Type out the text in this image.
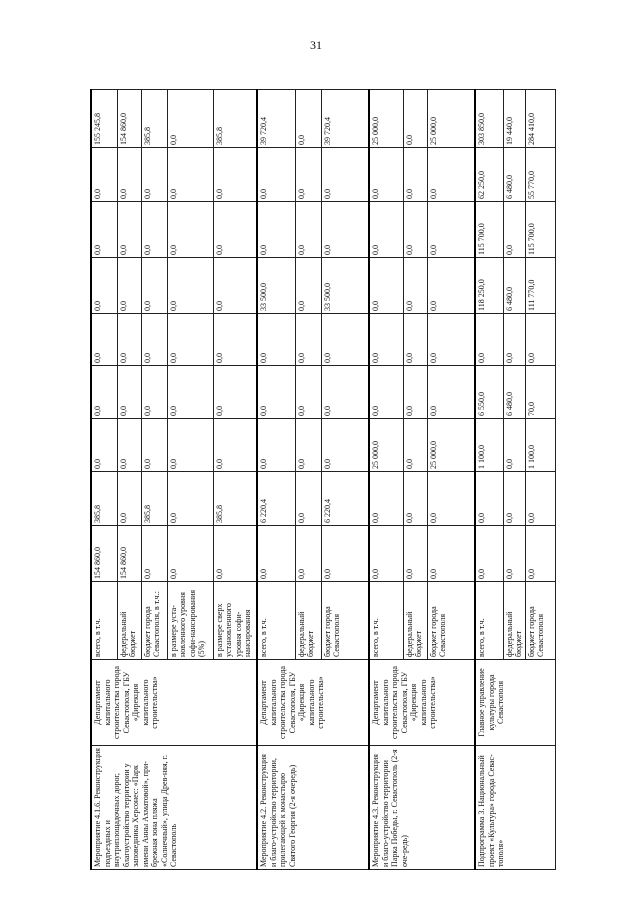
31
Мероприятие 4.1.6. Реконструкция подъездных и внутриплощадочных дорог, благоустройство территории у заповедника Херсонес: «Парк имени Анны Ахматовой», при-брежная зона пляжа «Солнечный», улица Древ-няя, г. Севастополь	Департамент капитального строительства города Севастополя, ГБУ «Дирекция капитального строительства»	всего, в т.ч.	154 860,0	385,8	0,0	0,0	0,0	0,0	0,0	0,0	155 245,8
		федеральный бюджет	154 860,0	0,0	0,0	0,0	0,0	0,0	0,0	0,0	154 860,0
		бюджет города Севастополя, в т.ч.:	0,0	385,8	0,0	0,0	0,0	0,0	0,0	0,0	385,8
		в размере уста-новленного уровня софи-нансирования (5%)	0,0	0,0	0,0	0,0	0,0	0,0	0,0	0,0	0,0
		в размере сверх установленного уровня софи-нансирования	0,0	385,8	0,0	0,0	0,0	0,0	0,0	0,0	385,8
Мероприятие 4.2. Реконструкция и благо-устройство территории, прилегающей к монастырю Святого Георгия (2-я очередь)	Департамент капитального строительства города Севастополя, ГБУ «Дирекция капитального строительства»	всего, в т.ч.	0,0	6 220,4	0,0	0,0	0,0	33 500,0	0,0	0,0	39 720,4
		федеральный бюджет	0,0	0,0	0,0	0,0	0,0	0,0	0,0	0,0	0,0
		бюджет города Севастополя	0,0	6 220,4	0,0	0,0	0,0	33 500,0	0,0	0,0	39 720,4
Мероприятие 4.3. Реконструкция и благо-устройство территории Парка Победы, г. Севастополь (2-я оче-редь)	Департамент капитального строительства города Севастополя, ГБУ «Дирекция капитального строительства»	всего, в т.ч.	0,0	0,0	25 000,0	0,0	0,0	0,0	0,0	0,0	25 000,0
		федеральный бюджет	0,0	0,0	0,0	0,0	0,0	0,0	0,0	0,0	0,0
		бюджет города Севастополя	0,0	0,0	25 000,0	0,0	0,0	0,0	0,0	0,0	25 000,0
Подпрограмма 3. Национальный проект «Культура» города Севас-тополя»	Главное управление культуры города Севастополя	всего, в т.ч.	0,0	0,0	1 100,0	6 550,0	0,0	118 250,0	115 700,0	62 250,0	303 850,0
		федеральный бюджет	0,0	0,0	0,0	6 480,0	0,0	6 480,0	0,0	6 480,0	19 440,0
		бюджет города Севастополя	0,0	0,0	1 100,0	70,0	0,0	111 770,0	115 700,0	55 770,0	284 410,0
